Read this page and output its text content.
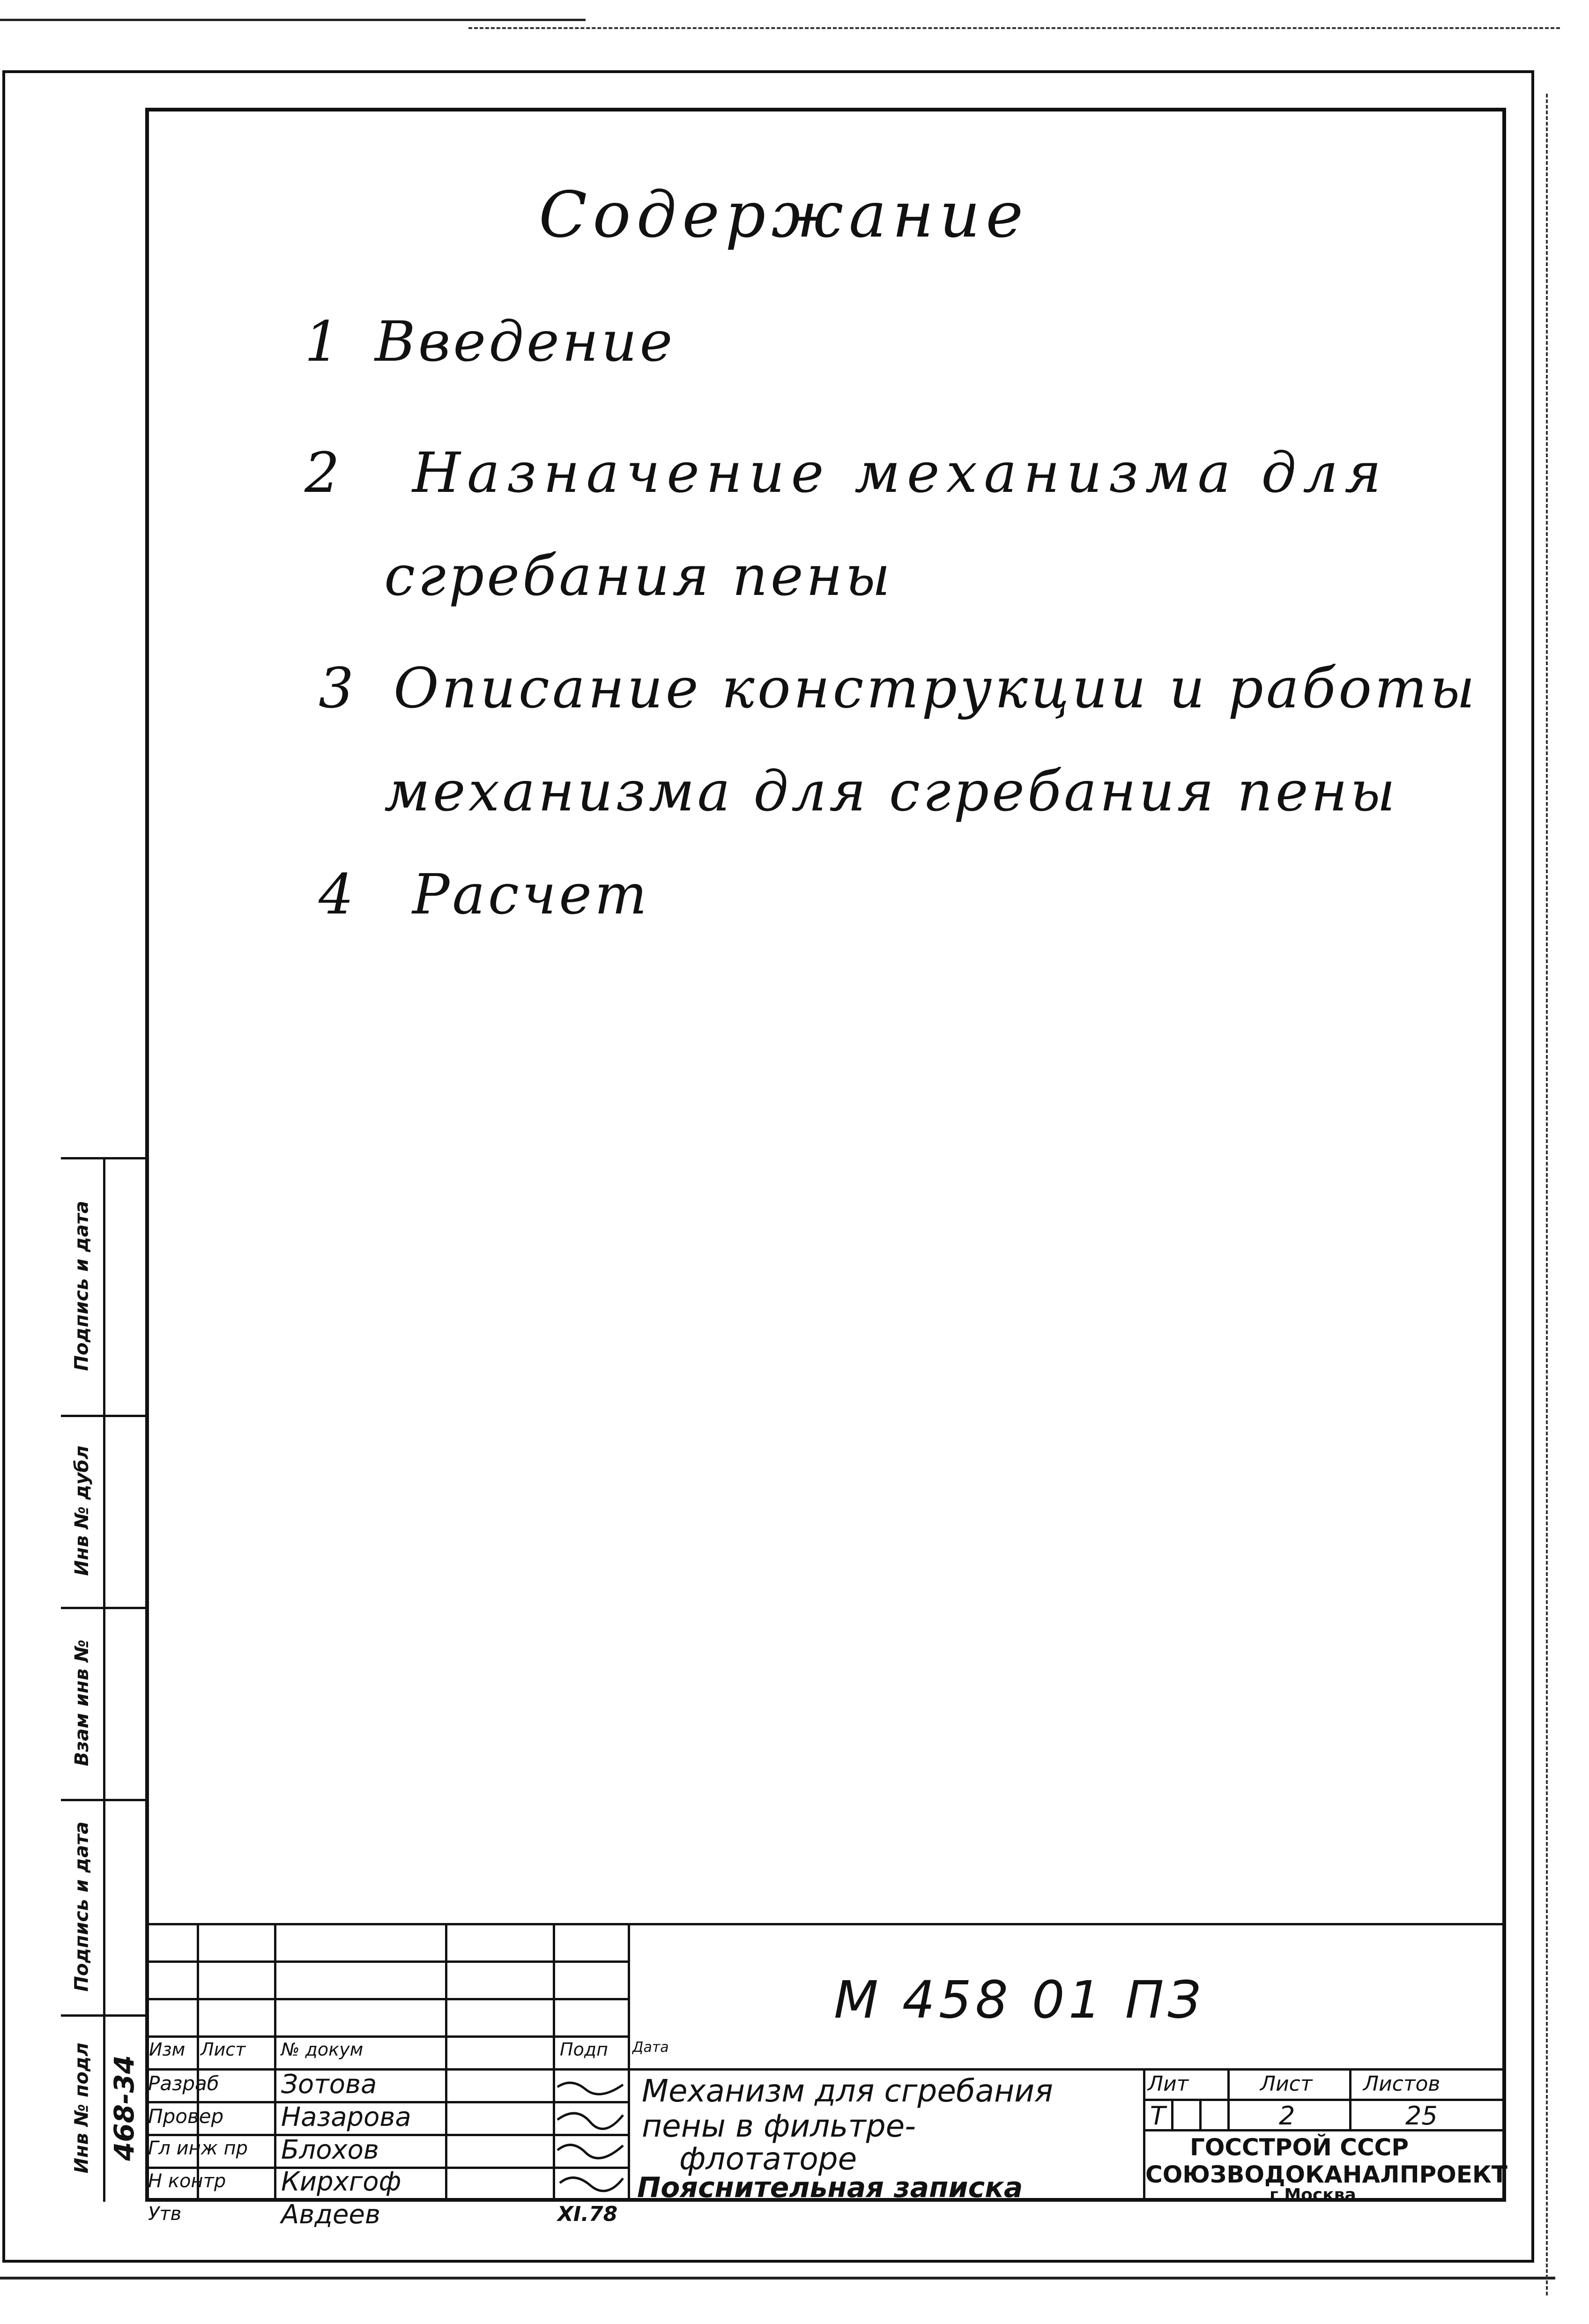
Содержание
1 Введение
2 Назначение механизма для
сгребания пены
3 Описание конструкции и работы
механизма для сгребания пены
4 Расчет
Подпись и дата
Инв № дубл
Взам инв №
Подпись и дата
Инв № подл 468-34
Изм Лист № докум	Подп Дата
Разраб Зотова
Провер Назарова
Гл инж пр Блохов
Н контр Кирхгоф
Утв	Авдеев	XI.78
М 458 01 ПЗ
Механизм для сгребания
пены в фильтре-
флотаторе
Пояснительная записка
Лит	Лист Листов
Т	2	25
ГОССТРОЙ СССР
СОЮЗВОДОКАНАЛПРОЕКТ
г Москва
